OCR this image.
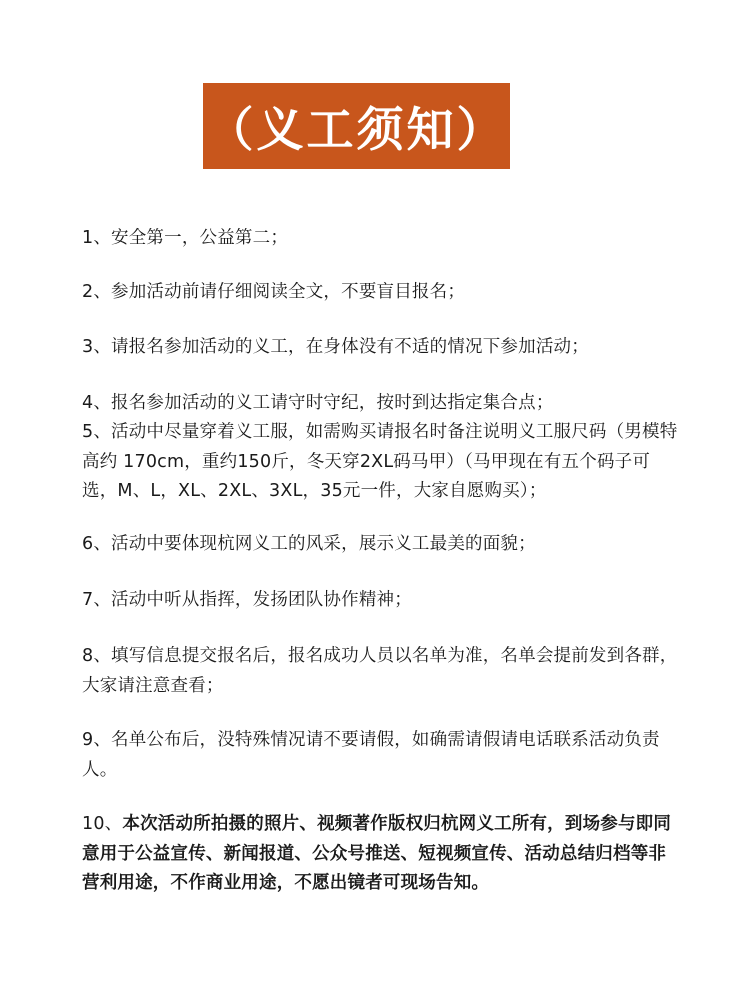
（义工须知）

1、安全第一，公益第二；

2、参加活动前请仔细阅读全文，不要盲目报名；

3、请报名参加活动的义工，在身体没有不适的情况下参加活动；

4、报名参加活动的义工请守时守纪，按时到达指定集合点；

5、活动中尽量穿着义工服，如需购买请报名时备注说明义工服尺码（男模特高约 170cm，重约150斤，冬天穿2XL码马甲）（马甲现在有五个码子可选，M、L，XL、2XL、3XL，35元一件，大家自愿购买）；

6、活动中要体现杭网义工的风采，展示义工最美的面貌；

7、活动中听从指挥，发扬团队协作精神；

8、填写信息提交报名后，报名成功人员以名单为准，名单会提前发到各群，大家请注意查看；

9、名单公布后，没特殊情况请不要请假，如确需请假请电话联系活动负责人。

10、本次活动所拍摄的照片、视频著作版权归杭网义工所有，到场参与即同意用于公益宣传、新闻报道、公众号推送、短视频宣传、活动总结归档等非营利用途，不作商业用途，不愿出镜者可现场告知。
